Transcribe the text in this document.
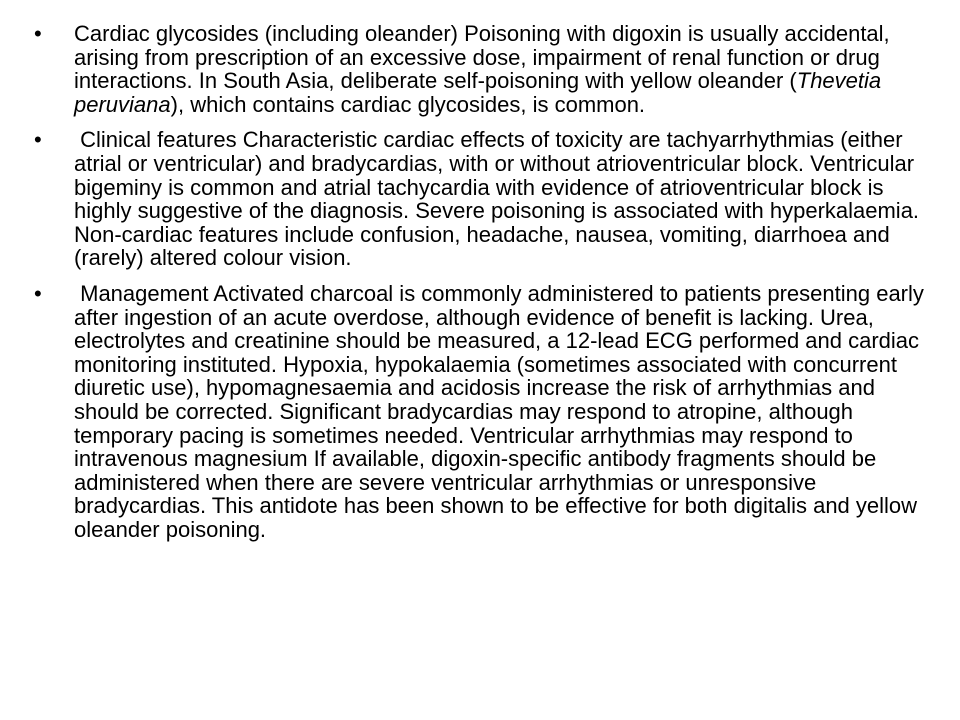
• Cardiac glycosides (including oleander) Poisoning with digoxin is usually accidental, arising from prescription of an excessive dose, impairment of renal function or drug interactions. In South Asia, deliberate self-poisoning with yellow oleander (Thevetia peruviana), which contains cardiac glycosides, is common.
• Clinical features Characteristic cardiac effects of toxicity are tachyarrhythmias (either atrial or ventricular) and bradycardias, with or without atrioventricular block. Ventricular bigeminy is common and atrial tachycardia with evidence of atrioventricular block is highly suggestive of the diagnosis. Severe poisoning is associated with hyperkalaemia. Non-cardiac features include confusion, headache, nausea, vomiting, diarrhoea and (rarely) altered colour vision.
• Management Activated charcoal is commonly administered to patients presenting early after ingestion of an acute overdose, although evidence of benefit is lacking. Urea, electrolytes and creatinine should be measured, a 12-lead ECG performed and cardiac monitoring instituted. Hypoxia, hypokalaemia (sometimes associated with concurrent diuretic use), hypomagnesaemia and acidosis increase the risk of arrhythmias and should be corrected. Significant bradycardias may respond to atropine, although temporary pacing is sometimes needed. Ventricular arrhythmias may respond to intravenous magnesium If available, digoxin-specific antibody fragments should be administered when there are severe ventricular arrhythmias or unresponsive bradycardias. This antidote has been shown to be effective for both digitalis and yellow oleander poisoning.
